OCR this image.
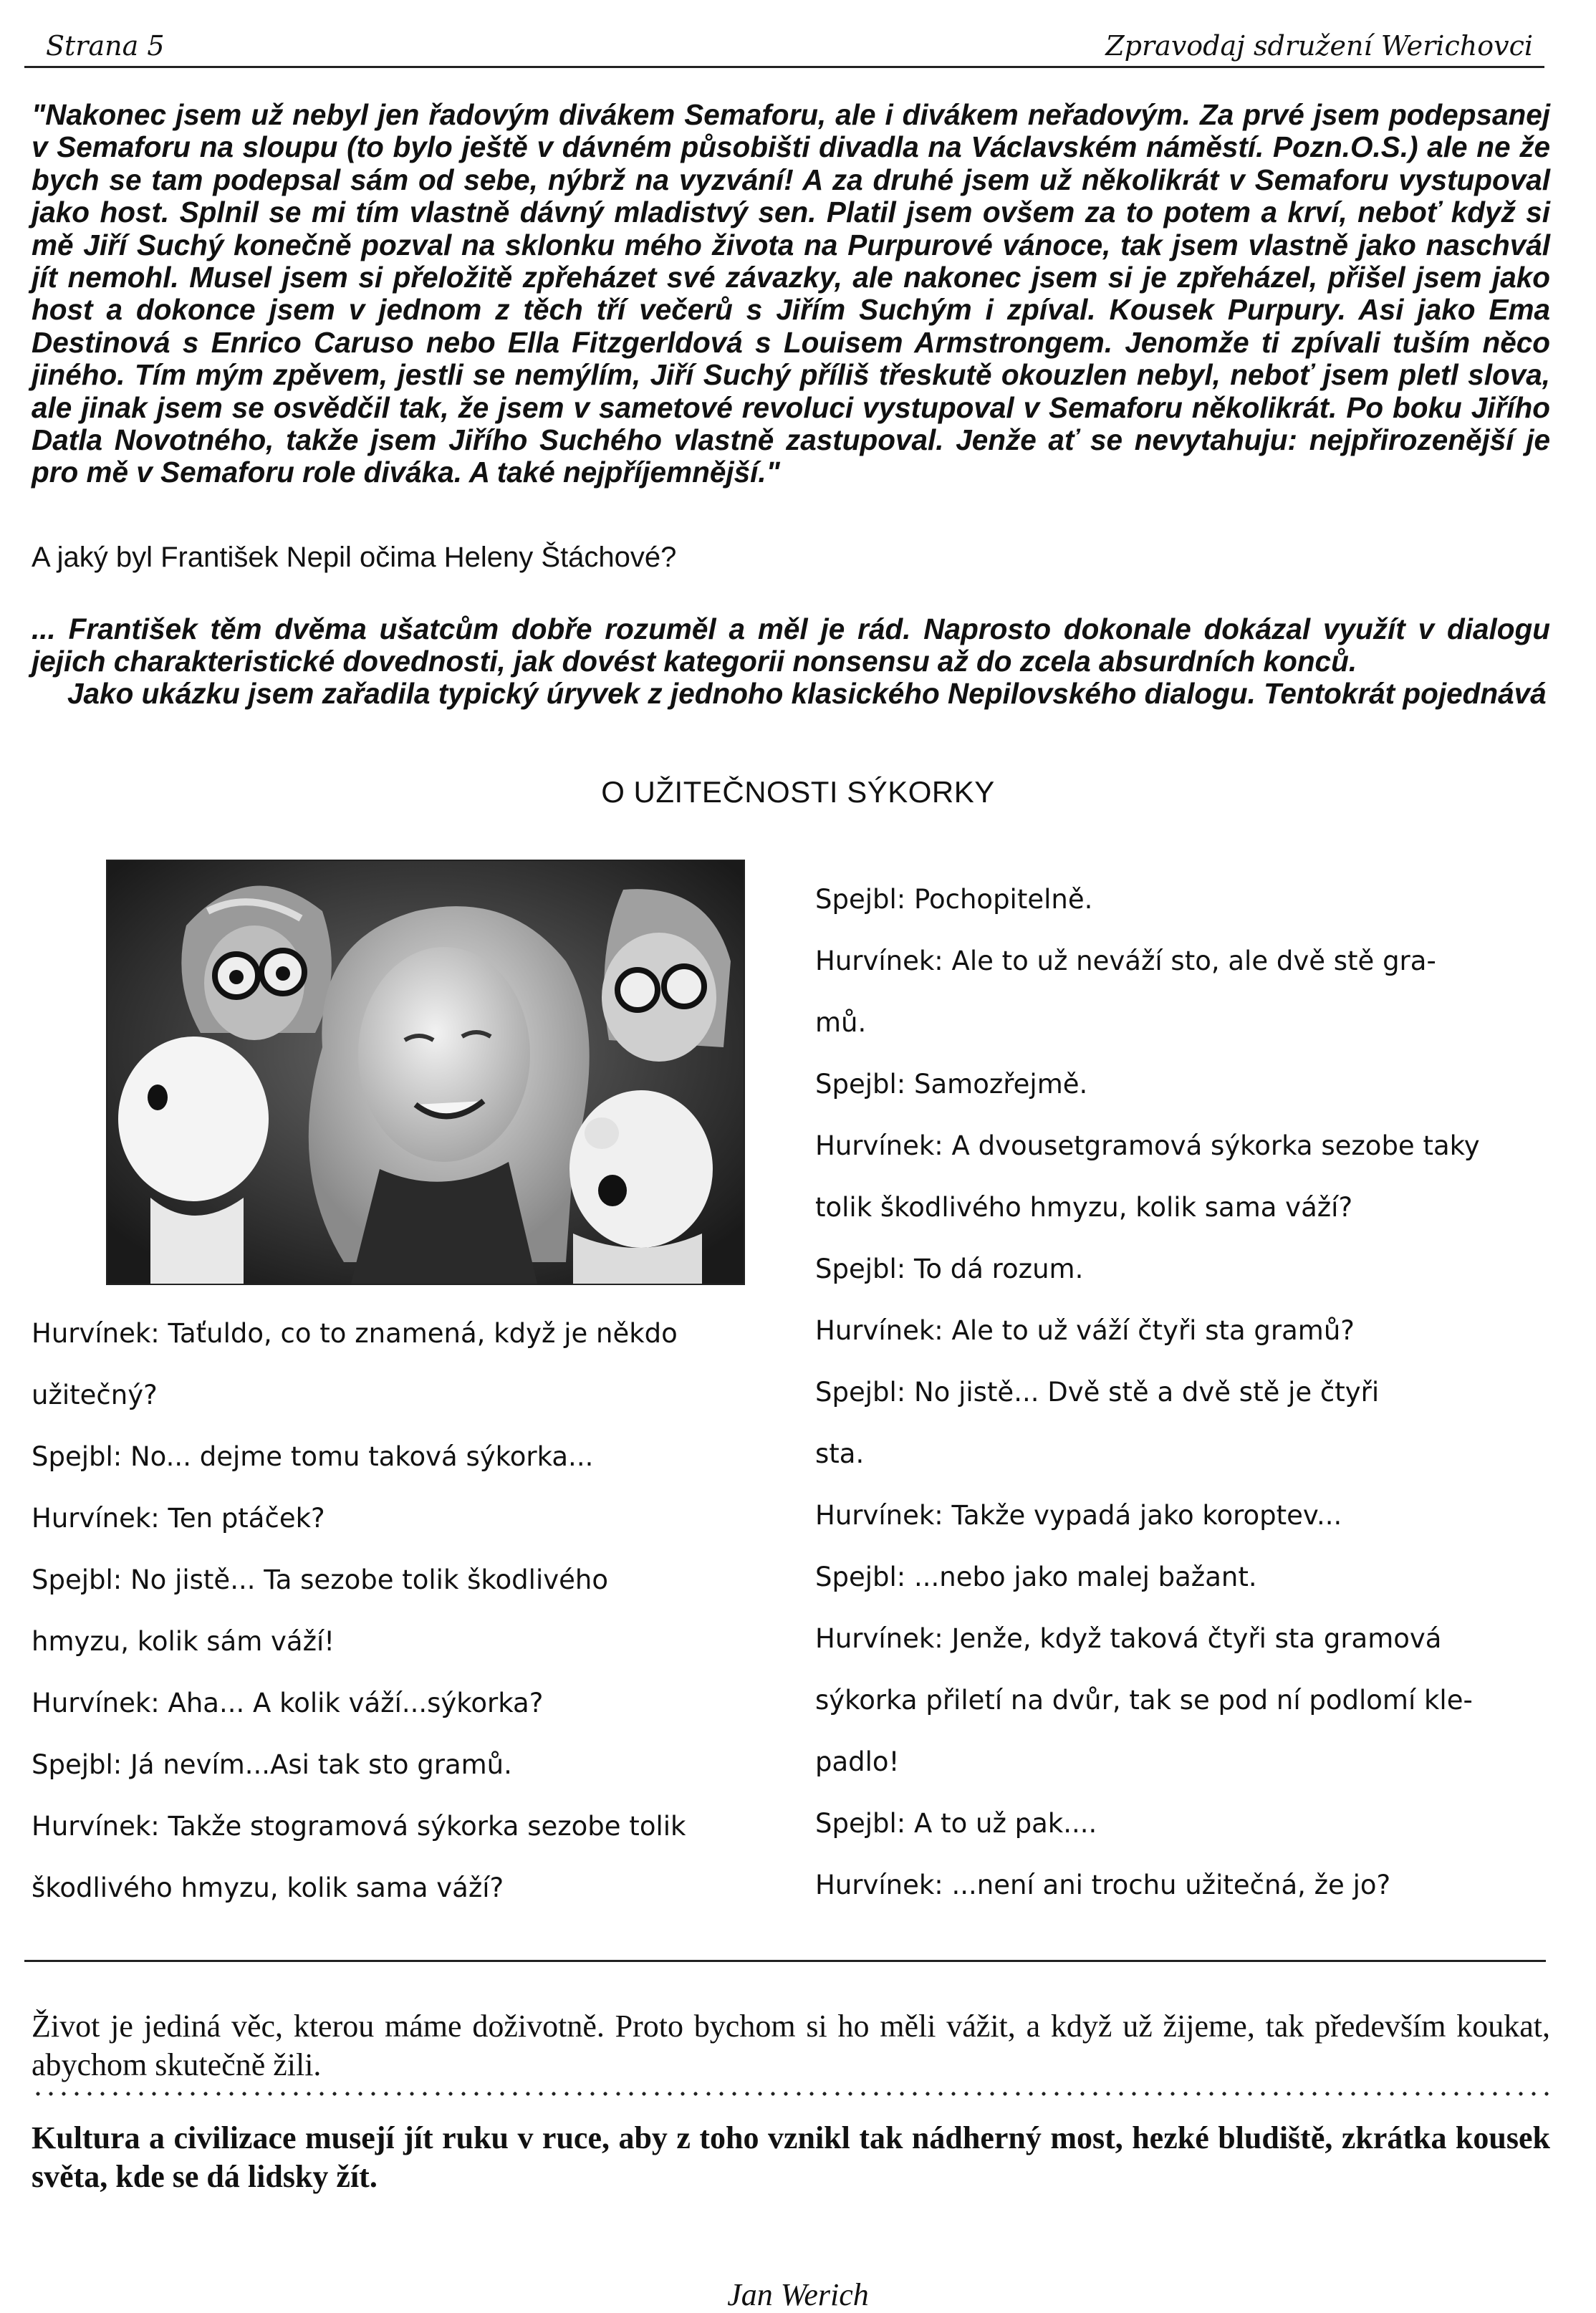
Strana 5	Zpravodaj sdružení Werichovci

"Nakonec jsem už nebyl jen řadovým divákem Semaforu, ale i divákem neřadovým. Za prvé jsem podepsanej v Semaforu na sloupu (to bylo ještě v dávném působišti divadla na Václavském náměstí. Pozn.O.S.) ale ne že bych se tam podepsal sám od sebe, nýbrž na vyzvání! A za druhé jsem už několikrát v Semaforu vystupoval jako host. Splnil se mi tím vlastně dávný mladistvý sen. Platil jsem ovšem za to potem a krví, neboť když si mě Jiří Suchý konečně pozval na sklonku mého života na Purpurové vánoce, tak jsem vlastně jako naschvál jít nemohl. Musel jsem si přeložitě zpřeházet své závazky, ale nakonec jsem si je zpřeházel, přišel jsem jako host a dokonce jsem v jednom z těch tří večerů s Jiřím Suchým i zpíval. Kousek Purpury. Asi jako Ema Destinová s Enrico Caruso nebo Ella Fitzgerldová s Louisem Armstrongem. Jenomže ti zpívali tuším něco jiného. Tím mým zpěvem, jestli se nemýlím, Jiří Suchý příliš třeskutě okouzlen nebyl, neboť jsem pletl slova, ale jinak jsem se osvědčil tak, že jsem v sametové revoluci vystupoval v Semaforu několikrát. Po boku Jiřího Datla Novotného, takže jsem Jiřího Suchého vlastně zastupoval. Jenže ať se nevytahuju: nejpřirozenější je pro mě v Semaforu role diváka. A také nejpříjemnější."

A jaký byl František Nepil očima Heleny Štáchové?

... František těm dvěma ušatcům dobře rozuměl a měl je rád. Naprosto dokonale dokázal využít v dialogu jejich charakteristické dovednosti, jak dovést kategorii nonsensu až do zcela absurdních konců.

Jako ukázku jsem zařadila typický úryvek z jednoho klasického Nepilovského dialogu. Tentokrát pojednává

O UŽITEČNOSTI SÝKORKY
Hurvínek: Taťuldo, co to znamená, když je někdo
užitečný?
Spejbl: No... dejme tomu taková sýkorka...
Hurvínek: Ten ptáček?
Spejbl: No jistě... Ta sezobe tolik škodlivého
hmyzu, kolik sám váží!
Hurvínek: Aha... A kolik váží...sýkorka?
Spejbl: Já nevím...Asi tak sto gramů.
Hurvínek: Takže stogramová sýkorka sezobe tolik
škodlivého hmyzu, kolik sama váží?
Spejbl: Pochopitelně.
Hurvínek: Ale to už neváží sto, ale dvě stě gra-
mů.
Spejbl: Samozřejmě.
Hurvínek: A dvousetgramová sýkorka sezobe taky
tolik škodlivého hmyzu, kolik sama váží?
Spejbl: To dá rozum.
Hurvínek: Ale to už váží čtyři sta gramů?
Spejbl: No jistě... Dvě stě a dvě stě je čtyři
sta.
Hurvínek: Takže vypadá jako koroptev...
Spejbl: ...nebo jako malej bažant.
Hurvínek: Jenže, když taková čtyři sta gramová
sýkorka přiletí na dvůr, tak se pod ní podlomí kle-
padlo!
Spejbl: A to už pak....
Hurvínek: ...není ani trochu užitečná, že jo?

Život je jediná věc, kterou máme doživotně. Proto bychom si ho měli vážit, a když už žijeme, tak především koukat, abychom skutečně žili.

Kultura a civilizace musejí jít ruku v ruce, aby z toho vznikl tak nádherný most, hezké bludiště, zkrátka kousek světa, kde se dá lidsky žít.

Jan Werich
